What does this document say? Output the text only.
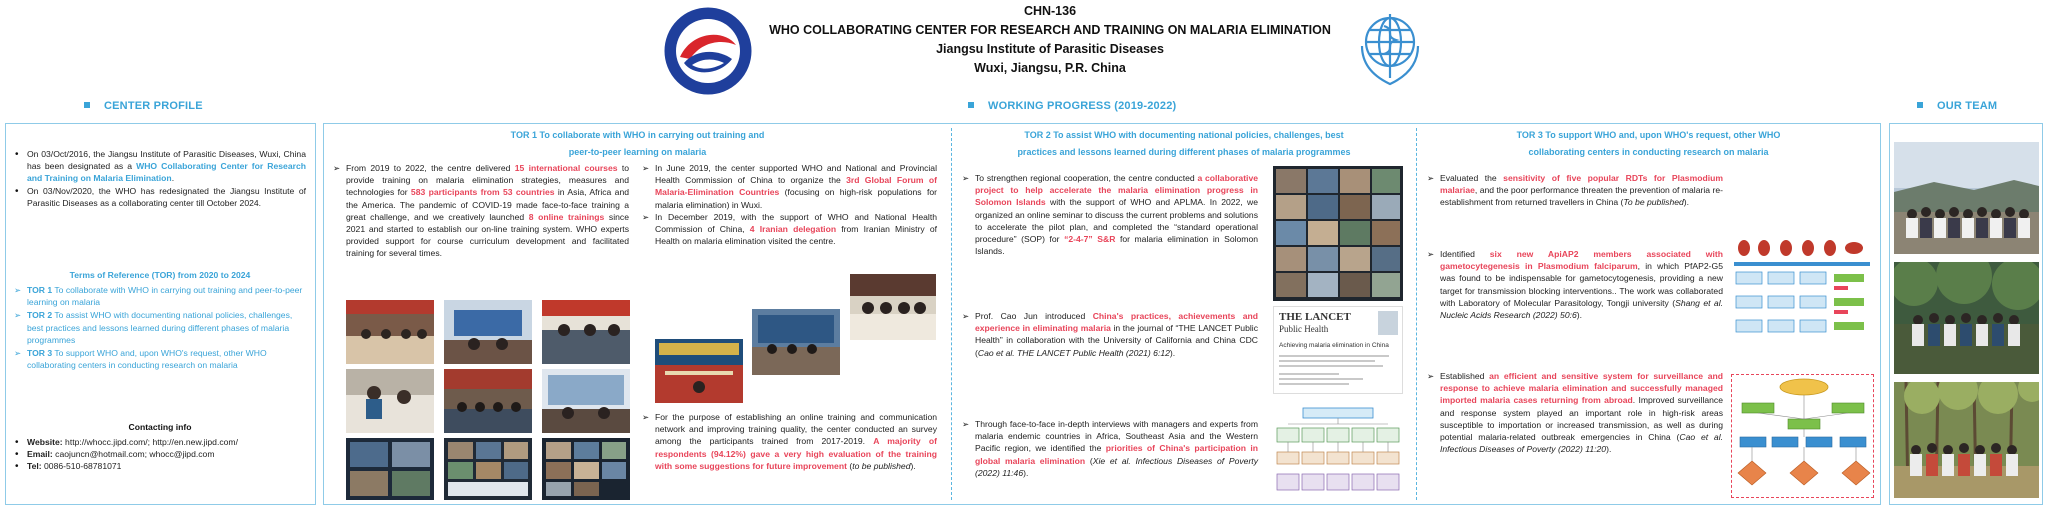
CHN-136
WHO COLLABORATING CENTER FOR RESEARCH AND TRAINING ON MALARIA ELIMINATION
Jiangsu Institute of Parasitic Diseases
Wuxi, Jiangsu, P.R. China
CENTER PROFILE	WORKING PROGRESS (2019-2022)	OUR TEAM
• On 03/Oct/2016, the Jiangsu Institute of Parasitic Diseases, Wuxi, China has been designated as a WHO Collaborating Center for Research and Training on Malaria Elimination.
• On 03/Nov/2020, the WHO has redesignated the Jiangsu Institute of Parasitic Diseases as a collaborating center till October 2024.
Terms of Reference (TOR) from 2020 to 2024
➢ TOR 1 To collaborate with WHO in carrying out training and peer-to-peer learning on malaria
➢ TOR 2 To assist WHO with documenting national policies, challenges, best practices and lessons learned during different phases of malaria programmes
➢ TOR 3 To support WHO and, upon WHO's request, other WHO collaborating centers in conducting research on malaria
Contacting info
• Website: http://whocc.jipd.com/; http://en.new.jipd.com/
• Email: caojuncn@hotmail.com; whocc@jipd.com
• Tel: 0086-510-68781071
TOR 1 To collaborate with WHO in carrying out training and
peer-to-peer learning on malaria
➢ From 2019 to 2022, the centre delivered 15 international courses to provide training on malaria elimination strategies, measures and technologies for 583 participants from 53 countries in Asia, Africa and the America. The pandemic of COVID-19 made face-to-face training a great challenge, and we creatively launched 8 online trainings since 2021 and started to establish our on-line training system. WHO experts provided support for course curriculum development and facilitated training for several times.
➢ In June 2019, the center supported WHO and National and Provincial Health Commission of China to organize the 3rd Global Forum of Malaria-Elimination Countries (focusing on high-risk populations for malaria elimination) in Wuxi.
➢ In December 2019, with the support of WHO and National Health Commission of China, 4 Iranian delegation from Iranian Ministry of Health on malaria elimination visited the centre.
➢ For the purpose of establishing an online training and communication network and improving training quality, the center conducted an survey among the participants trained from 2017-2019. A majority of respondents (94.12%) gave a very high evaluation of the training with some suggestions for future improvement (to be published).
TOR 2 To assist WHO with documenting national policies, challenges, best
practices and lessons learned during different phases of malaria programmes
➢ To strengthen regional cooperation, the centre conducted a collaborative project to help accelerate the malaria elimination progress in Solomon Islands with the support of WHO and APLMA. In 2022, we organized an online seminar to discuss the current problems and solutions to accelerate the pilot plan, and completed the “standard operational procedure” (SOP) for “2-4-7” S&R for malaria elimination in Solomon Islands.
➢ Prof. Cao Jun introduced China's practices, achievements and experience in eliminating malaria in the journal of “THE LANCET Public Health” in collaboration with the University of California and China CDC (Cao et al. THE LANCET Public Health (2021) 6:12).
➢ Through face-to-face in-depth interviews with managers and experts from malaria endemic countries in Africa, Southeast Asia and the Western Pacific region, we identified the priorities of China's participation in global malaria elimination (Xie et al. Infectious Diseases of Poverty (2022) 11:46).
THE LANCET
Public Health
Achieving malaria elimination in China
TOR 3 To support WHO and, upon WHO's request, other WHO
collaborating centers in conducting research on malaria
➢ Evaluated the sensitivity of five popular RDTs for Plasmodium malariae, and the poor performance threaten the prevention of malaria re-establishment from returned travellers in China (To be published).
➢ Identified six new ApiAP2 members associated with gametocytegenesis in Plasmodium falciparum, in which PfAP2-G5 was found to be indispensable for gametocytogenesis, providing a new target for transmission blocking interventions.. The work was collaborated with Laboratory of Molecular Parasitology, Tongji university (Shang et al. Nucleic Acids Research (2022) 50:6).
➢ Established an efficient and sensitive system for surveillance and response to achieve malaria elimination and successfully managed imported malaria cases returning from abroad. Improved surveillance and response system played an important role in high-risk areas susceptible to importation or increased transmission, as well as during potential malaria-related outbreak emergencies in China (Cao et al. Infectious Diseases of Poverty (2022) 11:20).
